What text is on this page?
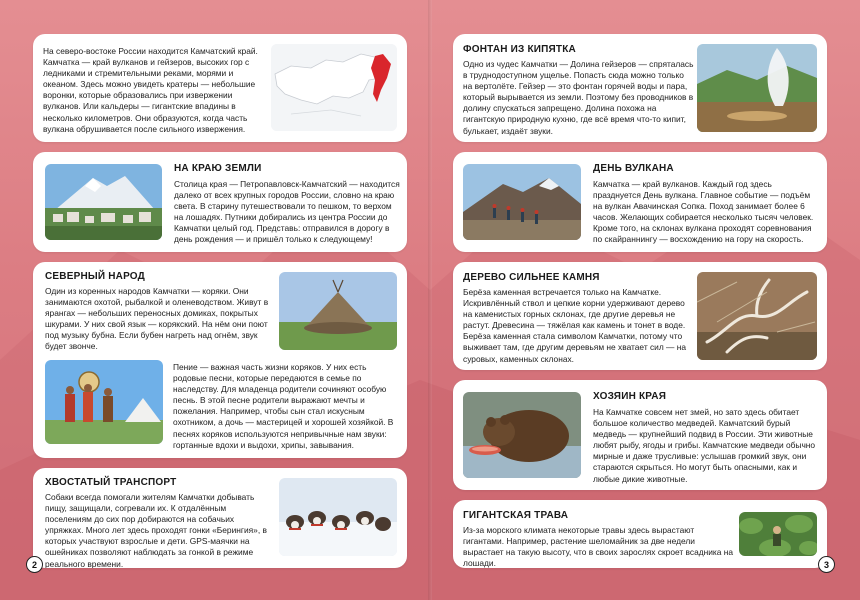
На северо-востоке России находится Камчатский край. Камчатка — край вулканов и гейзеров, высоких гор с ледниками и стремительными реками, морями и океаном. Здесь можно увидеть кратеры — небольшие воронки, которые образовались при извержении вулканов. Или кальдеры — гигантские впадины в несколько километров. Они образуются, когда часть вулкана обрушивается после сильного извержения.

НА КРАЮ ЗЕМЛИ

Столица края — Петропавловск-Камчатский — находится далеко от всех крупных городов России, словно на краю света. В старину путешествовали то пешком, то верхом на лошадях. Путники добирались из центра России до Камчатки целый год. Представь: отправился в дорогу в день рождения — и пришёл только к следующему!

СЕВЕРНЫЙ НАРОД

Один из коренных народов Камчатки — коряки. Они занимаются охотой, рыбалкой и оленеводством. Живут в ярангах — небольших переносных домиках, покрытых шкурами. У них свой язык — корякский. На нём они поют под музыку бубна. Если бубен нагреть над огнём, звук будет звонче.

Пение — важная часть жизни коряков. У них есть родовые песни, которые передаются в семье по наследству. Для младенца родители сочиняют особую песнь. В этой песне родители выражают мечты и пожелания. Например, чтобы сын стал искусным охотником, а дочь — мастерицей и хорошей хозяйкой. В песнях коряков используются непривычные нам звуки: гортанные вдохи и выдохи, хрипы, завывания.

ХВОСТАТЫЙ ТРАНСПОРТ

Собаки всегда помогали жителям Камчатки добывать пищу, защищали, согревали их. К отдалённым поселениям до сих пор добираются на собачьих упряжках. Много лет здесь проходят гонки «Берингия», в которых участвуют взрослые и дети. GPS-маячки на ошейниках позволяют наблюдать за гонкой в режиме реального времени.

2

ФОНТАН ИЗ КИПЯТКА

Одно из чудес Камчатки — Долина гейзеров — спряталась в труднодоступном ущелье. Попасть сюда можно только на вертолёте. Гейзер — это фонтан горячей воды и пара, который вырывается из земли. Поэтому без проводников в долину спускаться запрещено. Долина похожа на гигантскую природную кухню, где всё время что-то кипит, булькает, издаёт звуки.

ДЕНЬ ВУЛКАНА

Камчатка — край вулканов. Каждый год здесь празднуется День вулкана. Главное событие — подъём на вулкан Авачинская Сопка. Поход занимает более 6 часов. Желающих собирается несколько тысяч человек. Кроме того, на склонах вулкана проходят соревнования по скайраннингу — восхождению на гору на скорость.

ДЕРЕВО СИЛЬНЕЕ КАМНЯ

Берёза каменная встречается только на Камчатке. Искривлённый ствол и цепкие корни удерживают дерево на каменистых горных склонах, где другие деревья не растут. Древесина — тяжёлая как камень и тонет в воде. Берёза каменная стала символом Камчатки, потому что выживает там, где другим деревьям не хватает сил — на суровых, каменных склонах.

ХОЗЯИН КРАЯ

На Камчатке совсем нет змей, но зато здесь обитает большое количество медведей. Камчатский бурый медведь — крупнейший подвид в России. Эти животные любят рыбу, ягоды и грибы. Камчатские медведи обычно мирные и даже трусливые: услышав громкий звук, они стараются скрыться. Но могут быть опасными, как и любые дикие животные.

ГИГАНТСКАЯ ТРАВА

Из-за морского климата некоторые травы здесь вырастают гигантами. Например, растение шеломайник за две недели вырастает на такую высоту, что в своих зарослях скроет всадника на лошади.	3
